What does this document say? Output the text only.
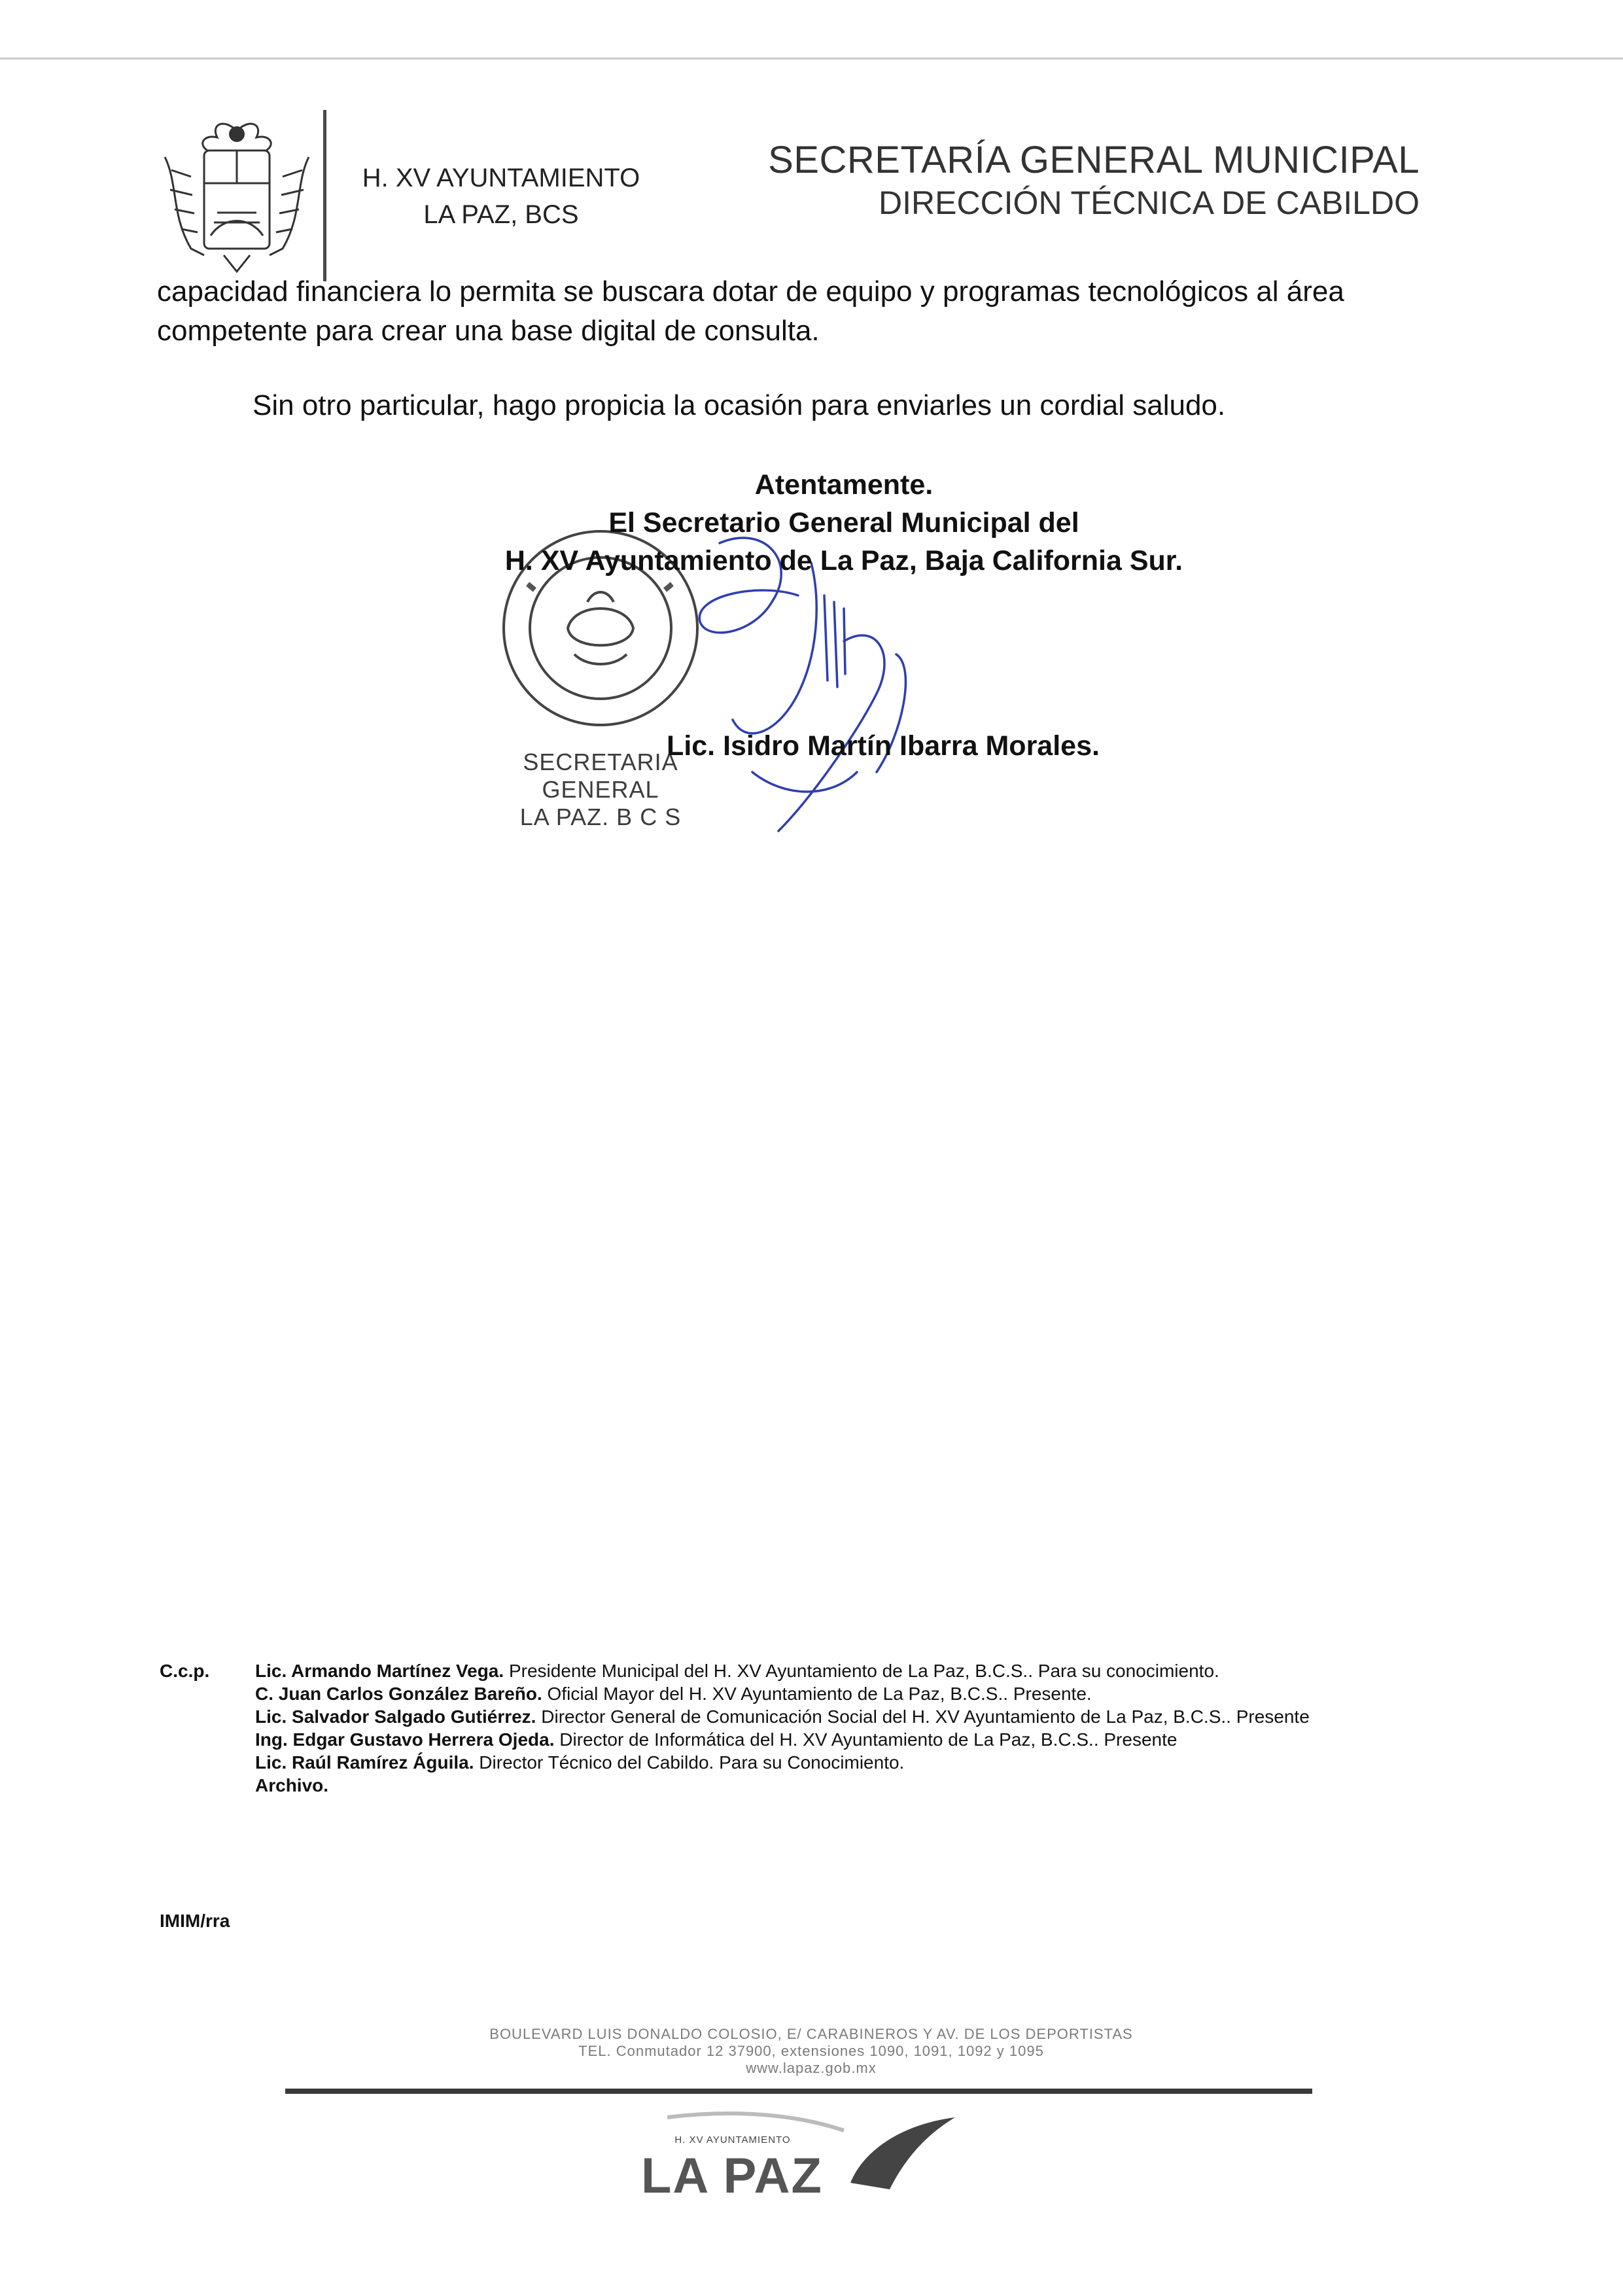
H. XV AYUNTAMIENTO
LA PAZ, BCS
SECRETARÍA GENERAL MUNICIPAL
DIRECCIÓN TÉCNICA DE CABILDO
capacidad financiera lo permita se buscara dotar de equipo y programas tecnológicos al área competente para crear una base digital de consulta.
Sin otro particular, hago propicia la ocasión para enviarles un cordial saludo.
SECRETARIA GENERAL
LA PAZ. B C S
Atentamente.
El Secretario General Municipal del
H. XV Ayuntamiento de La Paz, Baja California Sur.
Lic. Isidro Martín Ibarra Morales.
C.c.p. Lic. Armando Martínez Vega. Presidente Municipal del H. XV Ayuntamiento de La Paz, B.C.S.. Para su conocimiento.
C. Juan Carlos González Bareño. Oficial Mayor del H. XV Ayuntamiento de La Paz, B.C.S.. Presente.
Lic. Salvador Salgado Gutiérrez. Director General de Comunicación Social del H. XV Ayuntamiento de La Paz, B.C.S.. Presente
Ing. Edgar Gustavo Herrera Ojeda. Director de Informática del H. XV Ayuntamiento de La Paz, B.C.S.. Presente
Lic. Raúl Ramírez Águila. Director Técnico del Cabildo. Para su Conocimiento.
Archivo.
IMIM/rra
BOULEVARD LUIS DONALDO COLOSIO, E/ CARABINEROS Y AV. DE LOS DEPORTISTAS
TEL. Conmutador 12 37900, extensiones 1090, 1091, 1092 y 1095
www.lapaz.gob.mx
H. XV AYUNTAMIENTO
LA PAZ
